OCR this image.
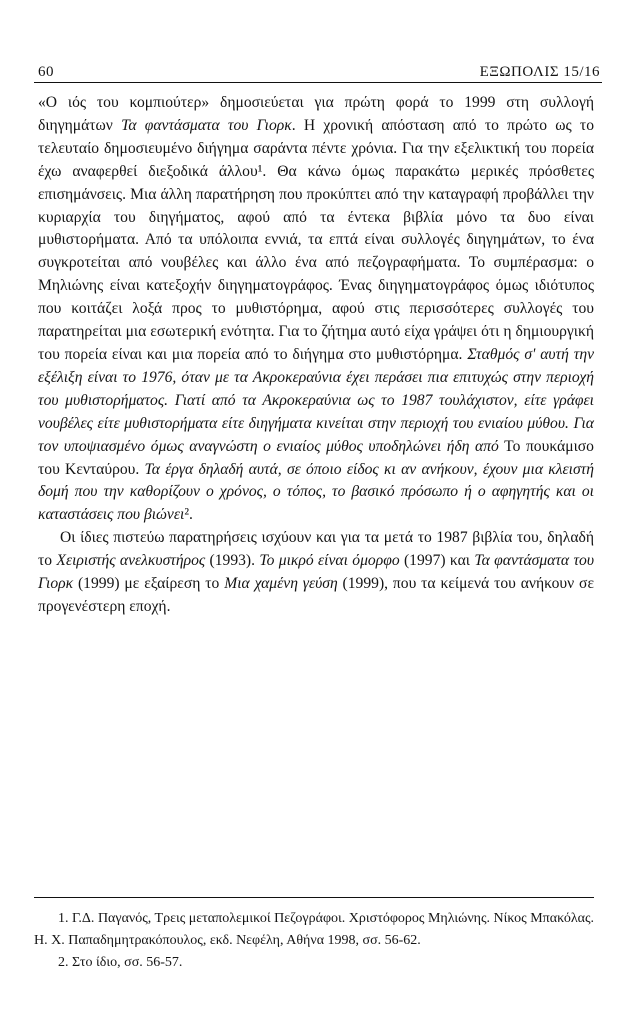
60	ΕΞΩΠΟΛΙΣ 15/16

«Ο ιός του κομπιούτερ» δημοσιεύεται για πρώτη φορά το 1999 στη συλλογή διηγημάτων Τα φαντάσματα του Γιορκ. Η χρονική απόσταση από το πρώτο ως το τελευταίο δημοσιευμένο διήγημα σαράντα πέντε χρόνια. Για την εξελικτική του πορεία έχω αναφερθεί διεξοδικά άλλου¹. Θα κάνω όμως παρακάτω μερικές πρόσθετες επισημάνσεις. Μια άλλη παρατήρηση που προκύπτει από την καταγραφή προβάλλει την κυριαρχία του διηγήματος, αφού από τα έντεκα βιβλία μόνο τα δυο είναι μυθιστορήματα. Από τα υπόλοιπα εννιά, τα επτά είναι συλλογές διηγημάτων, το ένα συγκροτείται από νουβέλες και άλλο ένα από πεζογραφήματα. Το συμπέρασμα: ο Μηλιώνης είναι κατεξοχήν διηγηματογράφος. Ένας διηγηματογράφος όμως ιδιότυπος που κοιτάζει λοξά προς το μυθιστόρημα, αφού στις περισσότερες συλλογές του παρατηρείται μια εσωτερική ενότητα. Για το ζήτημα αυτό είχα γράψει ότι η δημιουργική του πορεία είναι και μια πορεία από το διήγημα στο μυθιστόρημα. Σταθμός σ' αυτή την εξέλιξη είναι το 1976, όταν με τα Ακροκεραύνια έχει περάσει πια επιτυχώς στην περιοχή του μυθιστορήματος. Γιατί από τα Ακροκεραύνια ως το 1987 τουλάχιστον, είτε γράφει νουβέλες είτε μυθιστορήματα είτε διηγήματα κινείται στην περιοχή του ενιαίου μύθου. Για τον υποψιασμένο όμως αναγνώστη ο ενιαίος μύθος υποδηλώνει ήδη από Το πουκάμισο του Κενταύρου. Τα έργα δηλαδή αυτά, σε όποιο είδος κι αν ανήκουν, έχουν μια κλειστή δομή που την καθορίζουν ο χρόνος, ο τόπος, το βασικό πρόσωπο ή ο αφηγητής και οι καταστάσεις που βιώνει².

Οι ίδιες πιστεύω παρατηρήσεις ισχύουν και για τα μετά το 1987 βιβλία του, δηλαδή το Χειριστής ανελκυστήρος (1993). Το μικρό είναι όμορφο (1997) και Τα φαντάσματα του Γιορκ (1999) με εξαίρεση το Μια χαμένη γεύση (1999), που τα κείμενά του ανήκουν σε προγενέστερη εποχή.

1. Γ.Δ. Παγανός, Τρεις μεταπολεμικοί Πεζογράφοι. Χριστόφορος Μηλιώνης. Νίκος Μπακόλας. Η. Χ. Παπαδημητρακόπουλος, εκδ. Νεφέλη, Αθήνα 1998, σσ. 56-62.

2. Στο ίδιο, σσ. 56-57.
